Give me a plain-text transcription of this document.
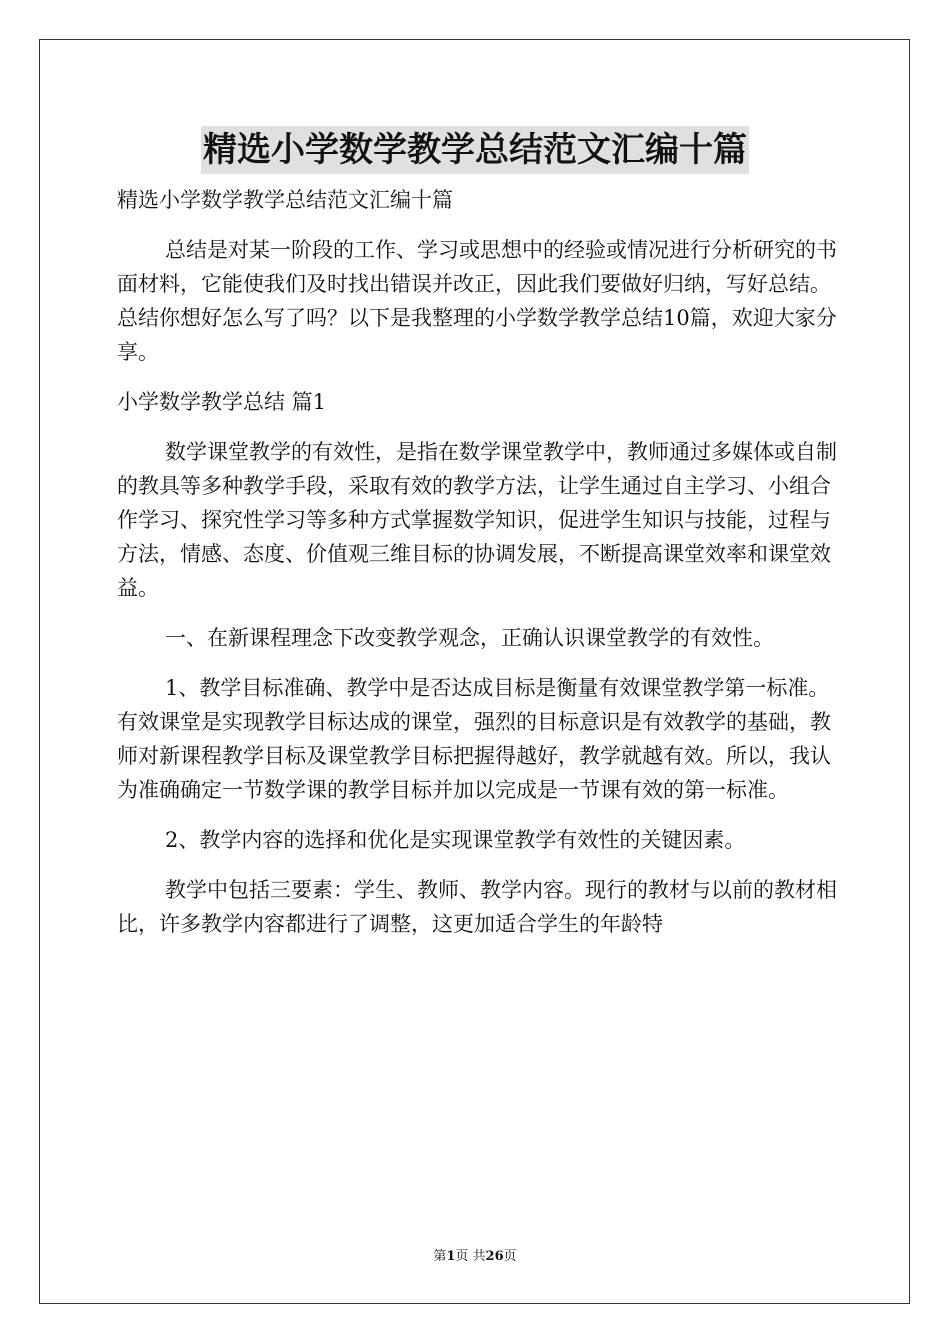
精选小学数学教学总结范文汇编十篇

精选小学数学教学总结范文汇编十篇

总结是对某一阶段的工作、学习或思想中的经验或情况进行分析研究的书面材料，它能使我们及时找出错误并改正，因此我们要做好归纳，写好总结。总结你想好怎么写了吗？以下是我整理的小学数学教学总结10篇，欢迎大家分享。

小学数学教学总结 篇1

数学课堂教学的有效性，是指在数学课堂教学中，教师通过多媒体或自制的教具等多种教学手段，采取有效的教学方法，让学生通过自主学习、小组合作学习、探究性学习等多种方式掌握数学知识，促进学生知识与技能，过程与方法，情感、态度、价值观三维目标的协调发展，不断提高课堂效率和课堂效益。

一、在新课程理念下改变教学观念，正确认识课堂教学的有效性。

1、教学目标准确、教学中是否达成目标是衡量有效课堂教学第一标准。有效课堂是实现教学目标达成的课堂，强烈的目标意识是有效教学的基础，教师对新课程教学目标及课堂教学目标把握得越好，教学就越有效。所以，我认为准确确定一节数学课的教学目标并加以完成是一节课有效的第一标准。

2、教学内容的选择和优化是实现课堂教学有效性的关键因素。

教学中包括三要素：学生、教师、教学内容。现行的教材与以前的教材相比，许多教学内容都进行了调整，这更加适合学生的年龄特

第1页 共26页
